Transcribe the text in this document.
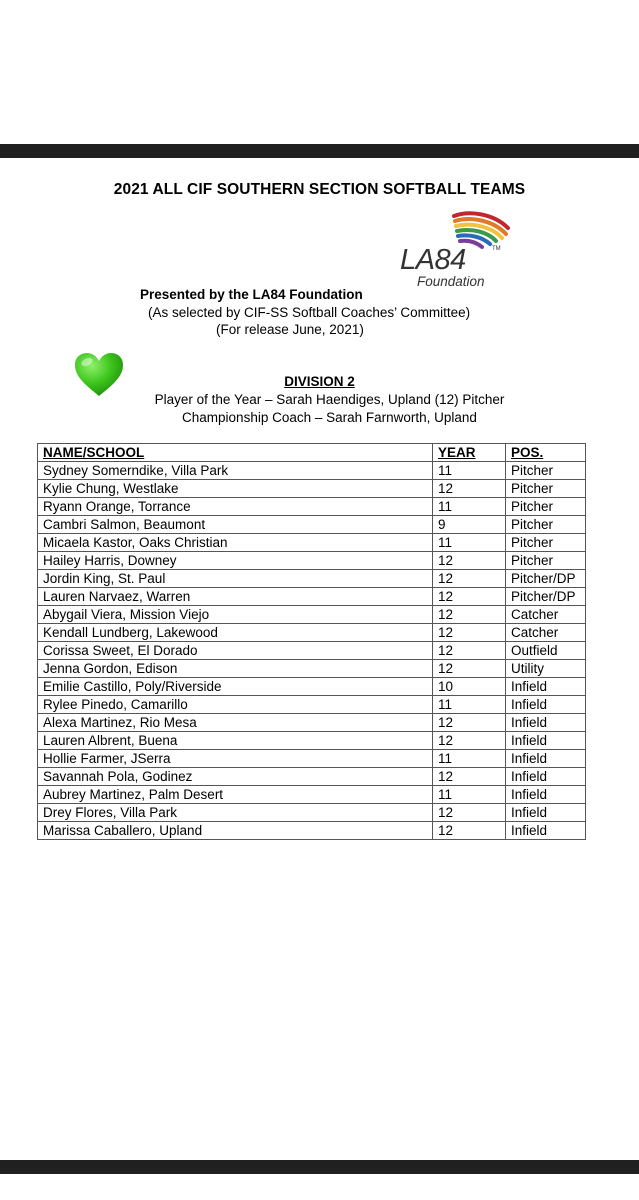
2021 ALL CIF SOUTHERN SECTION SOFTBALL TEAMS
LA84	TM
Foundation
Presented by the LA84 Foundation
(As selected by CIF-SS Softball Coaches’ Committee)
(For release June, 2021)
DIVISION 2
Player of the Year – Sarah Haendiges, Upland (12) Pitcher
Championship Coach – Sarah Farnworth, Upland
NAME/SCHOOL	YEAR	POS.
Sydney Somerndike, Villa Park	11	Pitcher
Kylie Chung, Westlake	12	Pitcher
Ryann Orange, Torrance	11	Pitcher
Cambri Salmon, Beaumont	9	Pitcher
Micaela Kastor, Oaks Christian	11	Pitcher
Hailey Harris, Downey	12	Pitcher
Jordin King, St. Paul	12	Pitcher/DP
Lauren Narvaez, Warren	12	Pitcher/DP
Abygail Viera, Mission Viejo	12	Catcher
Kendall Lundberg, Lakewood	12	Catcher
Corissa Sweet, El Dorado	12	Outfield
Jenna Gordon, Edison	12	Utility
Emilie Castillo, Poly/Riverside	10	Infield
Rylee Pinedo, Camarillo	11	Infield
Alexa Martinez, Rio Mesa	12	Infield
Lauren Albrent, Buena	12	Infield
Hollie Farmer, JSerra	11	Infield
Savannah Pola, Godinez	12	Infield
Aubrey Martinez, Palm Desert	11	Infield
Drey Flores, Villa Park	12	Infield
Marissa Caballero, Upland	12	Infield
